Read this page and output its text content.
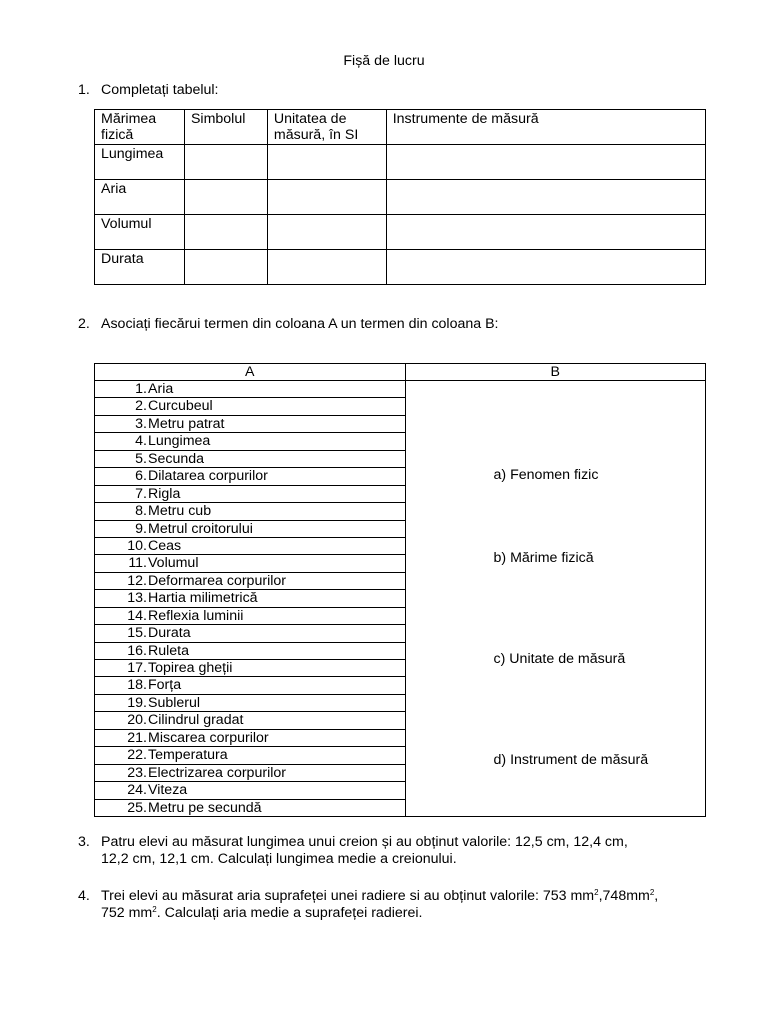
Fișă de lucru
1. Completați tabelul:
Mărimea fizică	Simbolul	Unitatea de măsură, în SI	Instrumente de măsură
Lungimea			
Aria			
Volumul			
Durata			
2. Asociați fiecărui termen din coloana A un termen din coloana B:
A	B
1.Aria	a) Fenomen fizic
b) Mărime fizică
c) Unitate de măsură
d) Instrument de măsură

2.Curcubeul	
3.Metru patrat	
4.Lungimea	
5.Secunda	
6.Dilatarea corpurilor	
7.Rigla	
8.Metru cub	
9.Metrul croitorului	
10.Ceas	
11.Volumul	
12.Deformarea corpurilor	
13.Hartia milimetrică	
14.Reflexia luminii	
15.Durata	
16.Ruleta	
17.Topirea gheții	
18.Forța	
19.Sublerul	
20.Cilindrul gradat	
21.Miscarea corpurilor	
22.Temperatura	
23.Electrizarea corpurilor	
24.Viteza	
25.Metru pe secundă	
3. Patru elevi au măsurat lungimea unui creion și au obținut valorile: 12,5 cm, 12,4 cm,
12,2 cm, 12,1 cm. Calculați lungimea medie a creionului.
4. Trei elevi au măsurat aria suprafeței unei radiere si au obținut valorile: 753 $mm^2,748mm^2$,
752 $mm^2$. Calculați aria medie a suprafeței radierei.
